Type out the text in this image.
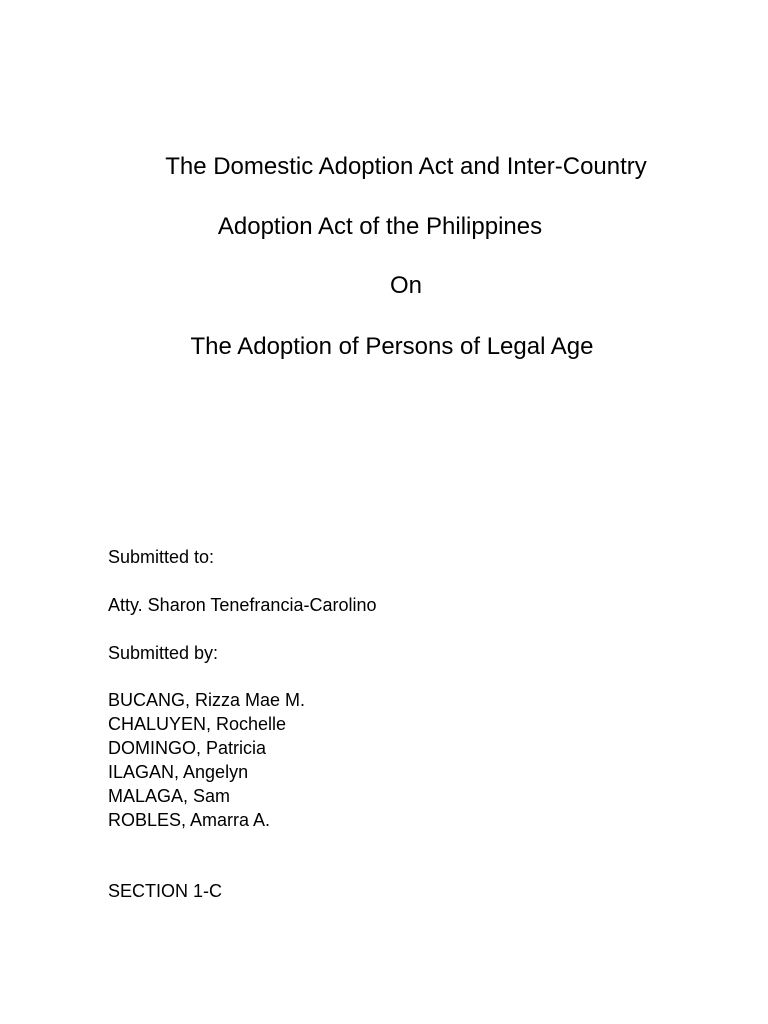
The Domestic Adoption Act and Inter-Country
Adoption Act of the Philippines
On
The Adoption of Persons of Legal Age
Submitted to:
Atty. Sharon Tenefrancia-Carolino
Submitted by:
BUCANG, Rizza Mae M.
CHALUYEN, Rochelle
DOMINGO, Patricia
ILAGAN, Angelyn
MALAGA, Sam
ROBLES, Amarra A.
SECTION 1-C
